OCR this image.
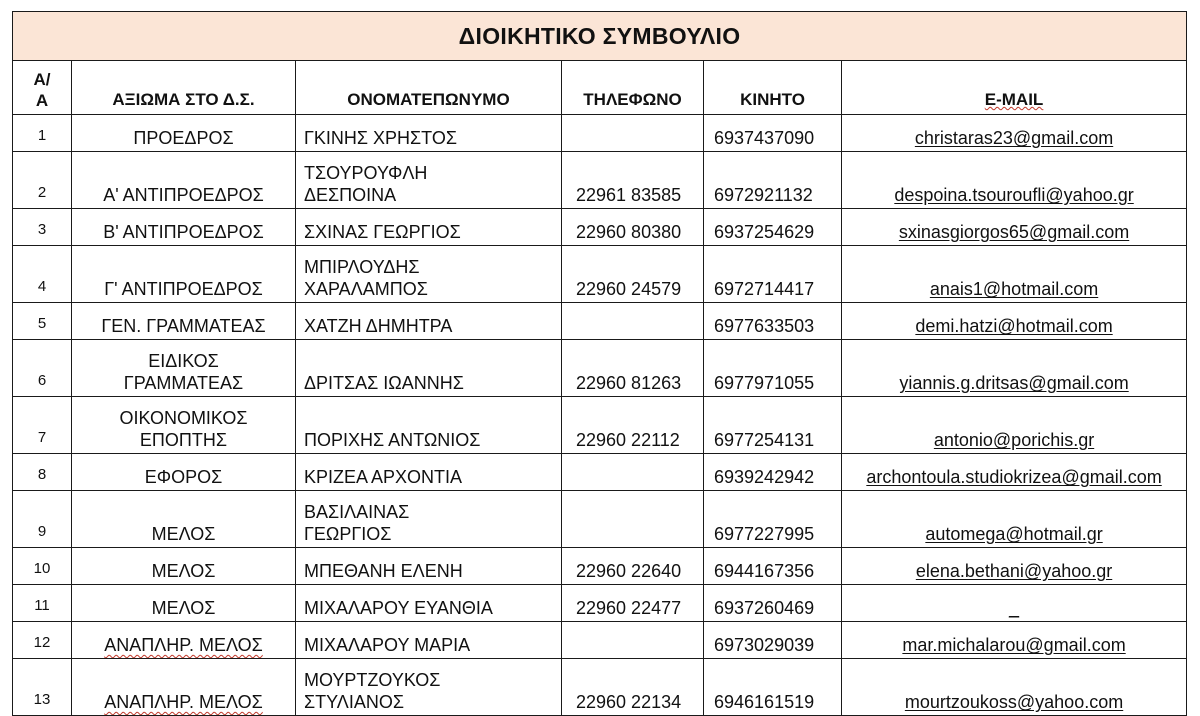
ΔΙΟΙΚΗΤΙΚΟ ΣΥΜΒΟΥΛΙΟ					
Α/
Α	ΑΞΙΩΜΑ ΣΤΟ Δ.Σ.	ΟΝΟΜΑΤΕΠΩΝΥΜΟ	ΤΗΛΕΦΩΝΟ	ΚΙΝΗΤΟ	E-MAIL
1	ΠΡΟΕΔΡΟΣ	ΓΚΙΝΗΣ ΧΡΗΣΤΟΣ		6937437090	christaras23@gmail.com
2	Α' ΑΝΤΙΠΡΟΕΔΡΟΣ	ΤΣΟΥΡΟΥΦΛΗ
ΔΕΣΠΟΙΝΑ	22961 83585	6972921132	despoina.tsouroufli@yahoo.gr
3	Β' ΑΝΤΙΠΡΟΕΔΡΟΣ	ΣΧΙΝΑΣ ΓΕΩΡΓΙΟΣ	22960 80380	6937254629	sxinasgiorgos65@gmail.com
4	Γ' ΑΝΤΙΠΡΟΕΔΡΟΣ	ΜΠΙΡΛΟΥΔΗΣ
ΧΑΡΑΛΑΜΠΟΣ	22960 24579	6972714417	anais1@hotmail.com
5	ΓΕΝ. ΓΡΑΜΜΑΤΕΑΣ	ΧΑΤΖΗ ΔΗΜΗΤΡΑ		6977633503	demi.hatzi@hotmail.com
6	ΕΙΔΙΚΟΣ
ΓΡΑΜΜΑΤΕΑΣ	ΔΡΙΤΣΑΣ ΙΩΑΝΝΗΣ	22960 81263	6977971055	yiannis.g.dritsas@gmail.com
7	ΟΙΚΟΝΟΜΙΚΟΣ
ΕΠΟΠΤΗΣ	ΠΟΡΙΧΗΣ ΑΝΤΩΝΙΟΣ	22960 22112	6977254131	antonio@porichis.gr
8	ΕΦΟΡΟΣ	ΚΡΙΖΕΑ ΑΡΧΟΝΤΙΑ		6939242942	archontoula.studiokrizea@gmail.com
9	ΜΕΛΟΣ	ΒΑΣΙΛΑΙΝΑΣ
ΓΕΩΡΓΙΟΣ		6977227995	automega@hotmail.gr
10	ΜΕΛΟΣ	ΜΠΕΘΑΝΗ ΕΛΕΝΗ	22960 22640	6944167356	elena.bethani@yahoo.gr
11	ΜΕΛΟΣ	ΜΙΧΑΛΑΡΟΥ ΕΥΑΝΘΙΑ	22960 22477	6937260469	_
12	ΑΝΑΠΛΗΡ. ΜΕΛΟΣ	ΜΙΧΑΛΑΡΟΥ ΜΑΡΙΑ		6973029039	mar.michalarou@gmail.com
13	ΑΝΑΠΛΗΡ. ΜΕΛΟΣ	ΜΟΥΡΤΖΟΥΚΟΣ
ΣΤΥΛΙΑΝΟΣ	22960 22134	6946161519	mourtzoukoss@yahoo.com
